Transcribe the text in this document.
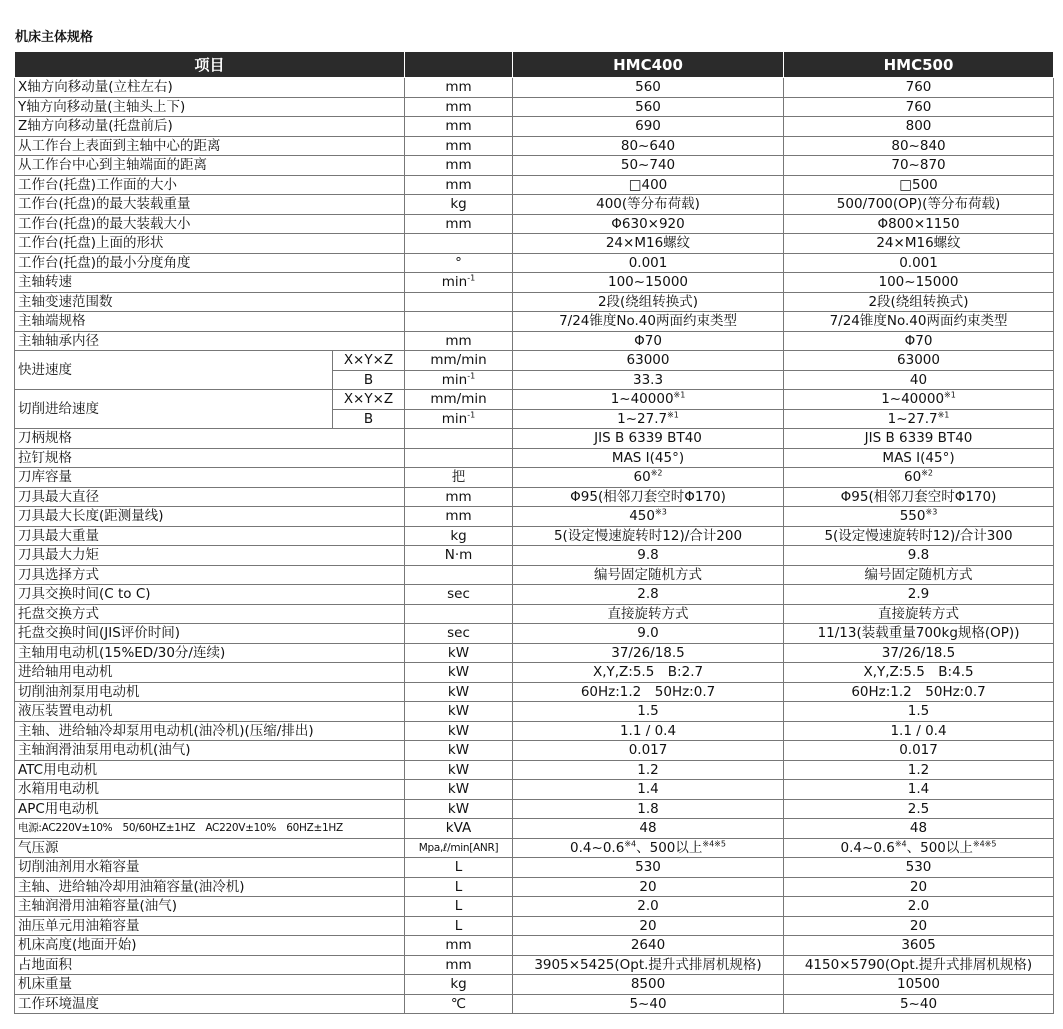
机床主体规格
项目			HMC400	HMC500
X轴方向移动量(立柱左右)		mm	560	760
Y轴方向移动量(主轴头上下)		mm	560	760
Z轴方向移动量(托盘前后)		mm	690	800
从工作台上表面到主轴中心的距离		mm	80~640	80~840
从工作台中心到主轴端面的距离		mm	50~740	70~870
工作台(托盘)工作面的大小		mm	□400	□500
工作台(托盘)的最大装载重量		kg	400(等分布荷载)	500/700(OP)(等分布荷载)
工作台(托盘)的最大装载大小		mm	Φ630×920	Φ800×1150
工作台(托盘)上面的形状			24×M16螺纹	24×M16螺纹
工作台(托盘)的最小分度角度		°	0.001	0.001
主轴转速		$\min^{-1}$	100~15000	100~15000
主轴变速范围数			2段(绕组转换式)	2段(绕组转换式)
主轴端规格			7/24锥度No.40两面约束类型	7/24锥度No.40两面约束类型
主轴轴承内径		mm	Φ70	Φ70
快进速度	X×Y×Z	mm/min	63000	63000
	B	$\min^{-1}$	33.3	40
切削进给速度	X×Y×Z	mm/min	1~40000$^{※1}$	1~40000$^{※1}$
	B	$\min^{-1}$	1~27.7$^{※1}$	1~27.7$^{※1}$
刀柄规格			JIS B 6339 BT40	JIS B 6339 BT40
拉钉规格			MAS Ⅰ(45°)	MAS Ⅰ(45°)
刀库容量		把	60$^{※2}$	60$^{※2}$
刀具最大直径		mm	Φ95(相邻刀套空时Φ170)	Φ95(相邻刀套空时Φ170)
刀具最大长度(距测量线)		mm	450$^{※3}$	550$^{※3}$
刀具最大重量		kg	5(设定慢速旋转时12)/合计200	5(设定慢速旋转时12)/合计300
刀具最大力矩		N·m	9.8	9.8
刀具选择方式			编号固定随机方式	编号固定随机方式
刀具交换时间(C to C)		sec	2.8	2.9
托盘交换方式			直接旋转方式	直接旋转方式
托盘交换时间(JIS评价时间)		sec	9.0	11/13(装载重量700kg规格(OP))
主轴用电动机(15%ED/30分/连续)		kW	37/26/18.5	37/26/18.5
进给轴用电动机		kW	X,Y,Z:5.5　B:2.7	X,Y,Z:5.5　B:4.5
切削油剂泵用电动机		kW	60Hz:1.2　50Hz:0.7	60Hz:1.2　50Hz:0.7
液压装置电动机		kW	1.5	1.5
主轴、进给轴冷却泵用电动机(油冷机)(压缩/排出)		kW	1.1 / 0.4	1.1 / 0.4
主轴润滑油泵用电动机(油气)		kW	0.017	0.017
ATC用电动机		kW	1.2	1.2
水箱用电动机		kW	1.4	1.4
APC用电动机		kW	1.8	2.5
电源:AC220V±10%　50/60HZ±1HZ　AC220V±10%　60HZ±1HZ		kVA	48	48
气压源		Mpa,ℓ/min[ANR]	0.4~0.6$^{※4}$、500以上$^{※4※5}$	0.4~0.6$^{※4}$、500以上$^{※4※5}$
切削油剂用水箱容量		L	530	530
主轴、进给轴冷却用油箱容量(油冷机)		L	20	20
主轴润滑用油箱容量(油气)		L	2.0	2.0
油压单元用油箱容量		L	20	20
机床高度(地面开始)		mm	2640	3605
占地面积		mm	3905×5425(Opt.提升式排屑机规格)	4150×5790(Opt.提升式排屑机规格)
机床重量		kg	8500	10500
工作环境温度		℃	5~40	5~40
